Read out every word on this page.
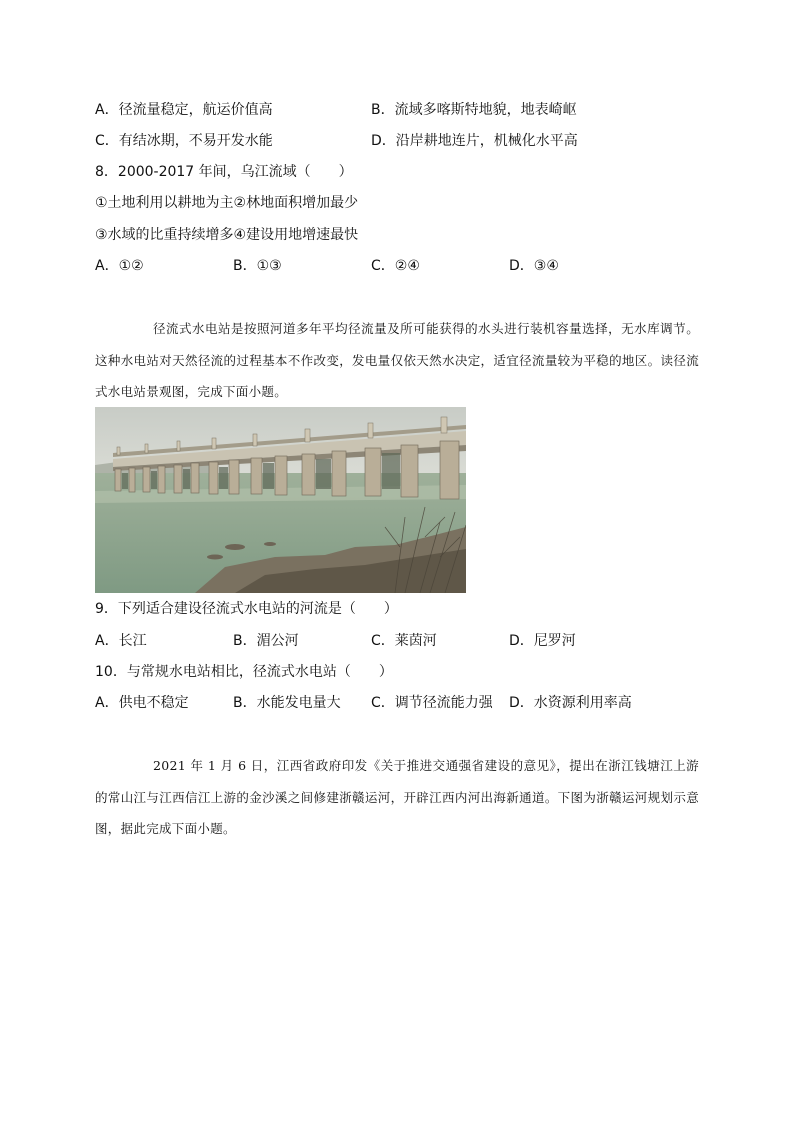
A．径流量稳定，航运价值高	B．流域多喀斯特地貌，地表崎岖
C．有结冰期，不易开发水能	D．沿岸耕地连片，机械化水平高
8．2000-2017 年间，乌江流域（　　）
①土地利用以耕地为主②林地面积增加最少
③水域的比重持续增多④建设用地增速最快
A．①②	B．①③	C．②④	D．③④
径流式水电站是按照河道多年平均径流量及所可能获得的水头进行装机容量选择，无水库调节。这种水电站对天然径流的过程基本不作改变，发电量仅依天然水决定，适宜径流量较为平稳的地区。读径流式水电站景观图，完成下面小题。
9．下列适合建设径流式水电站的河流是（　　）
A．长江	B．湄公河	C．莱茵河	D．尼罗河
10．与常规水电站相比，径流式水电站（　　）
A．供电不稳定	B．水能发电量大 C．调节径流能力强 D．水资源利用率高
2021 年 1 月 6 日，江西省政府印发《关于推进交通强省建设的意见》，提出在浙江钱塘江上游的常山江与江西信江上游的金沙溪之间修建浙赣运河，开辟江西内河出海新通道。下图为浙赣运河规划示意图，据此完成下面小题。
